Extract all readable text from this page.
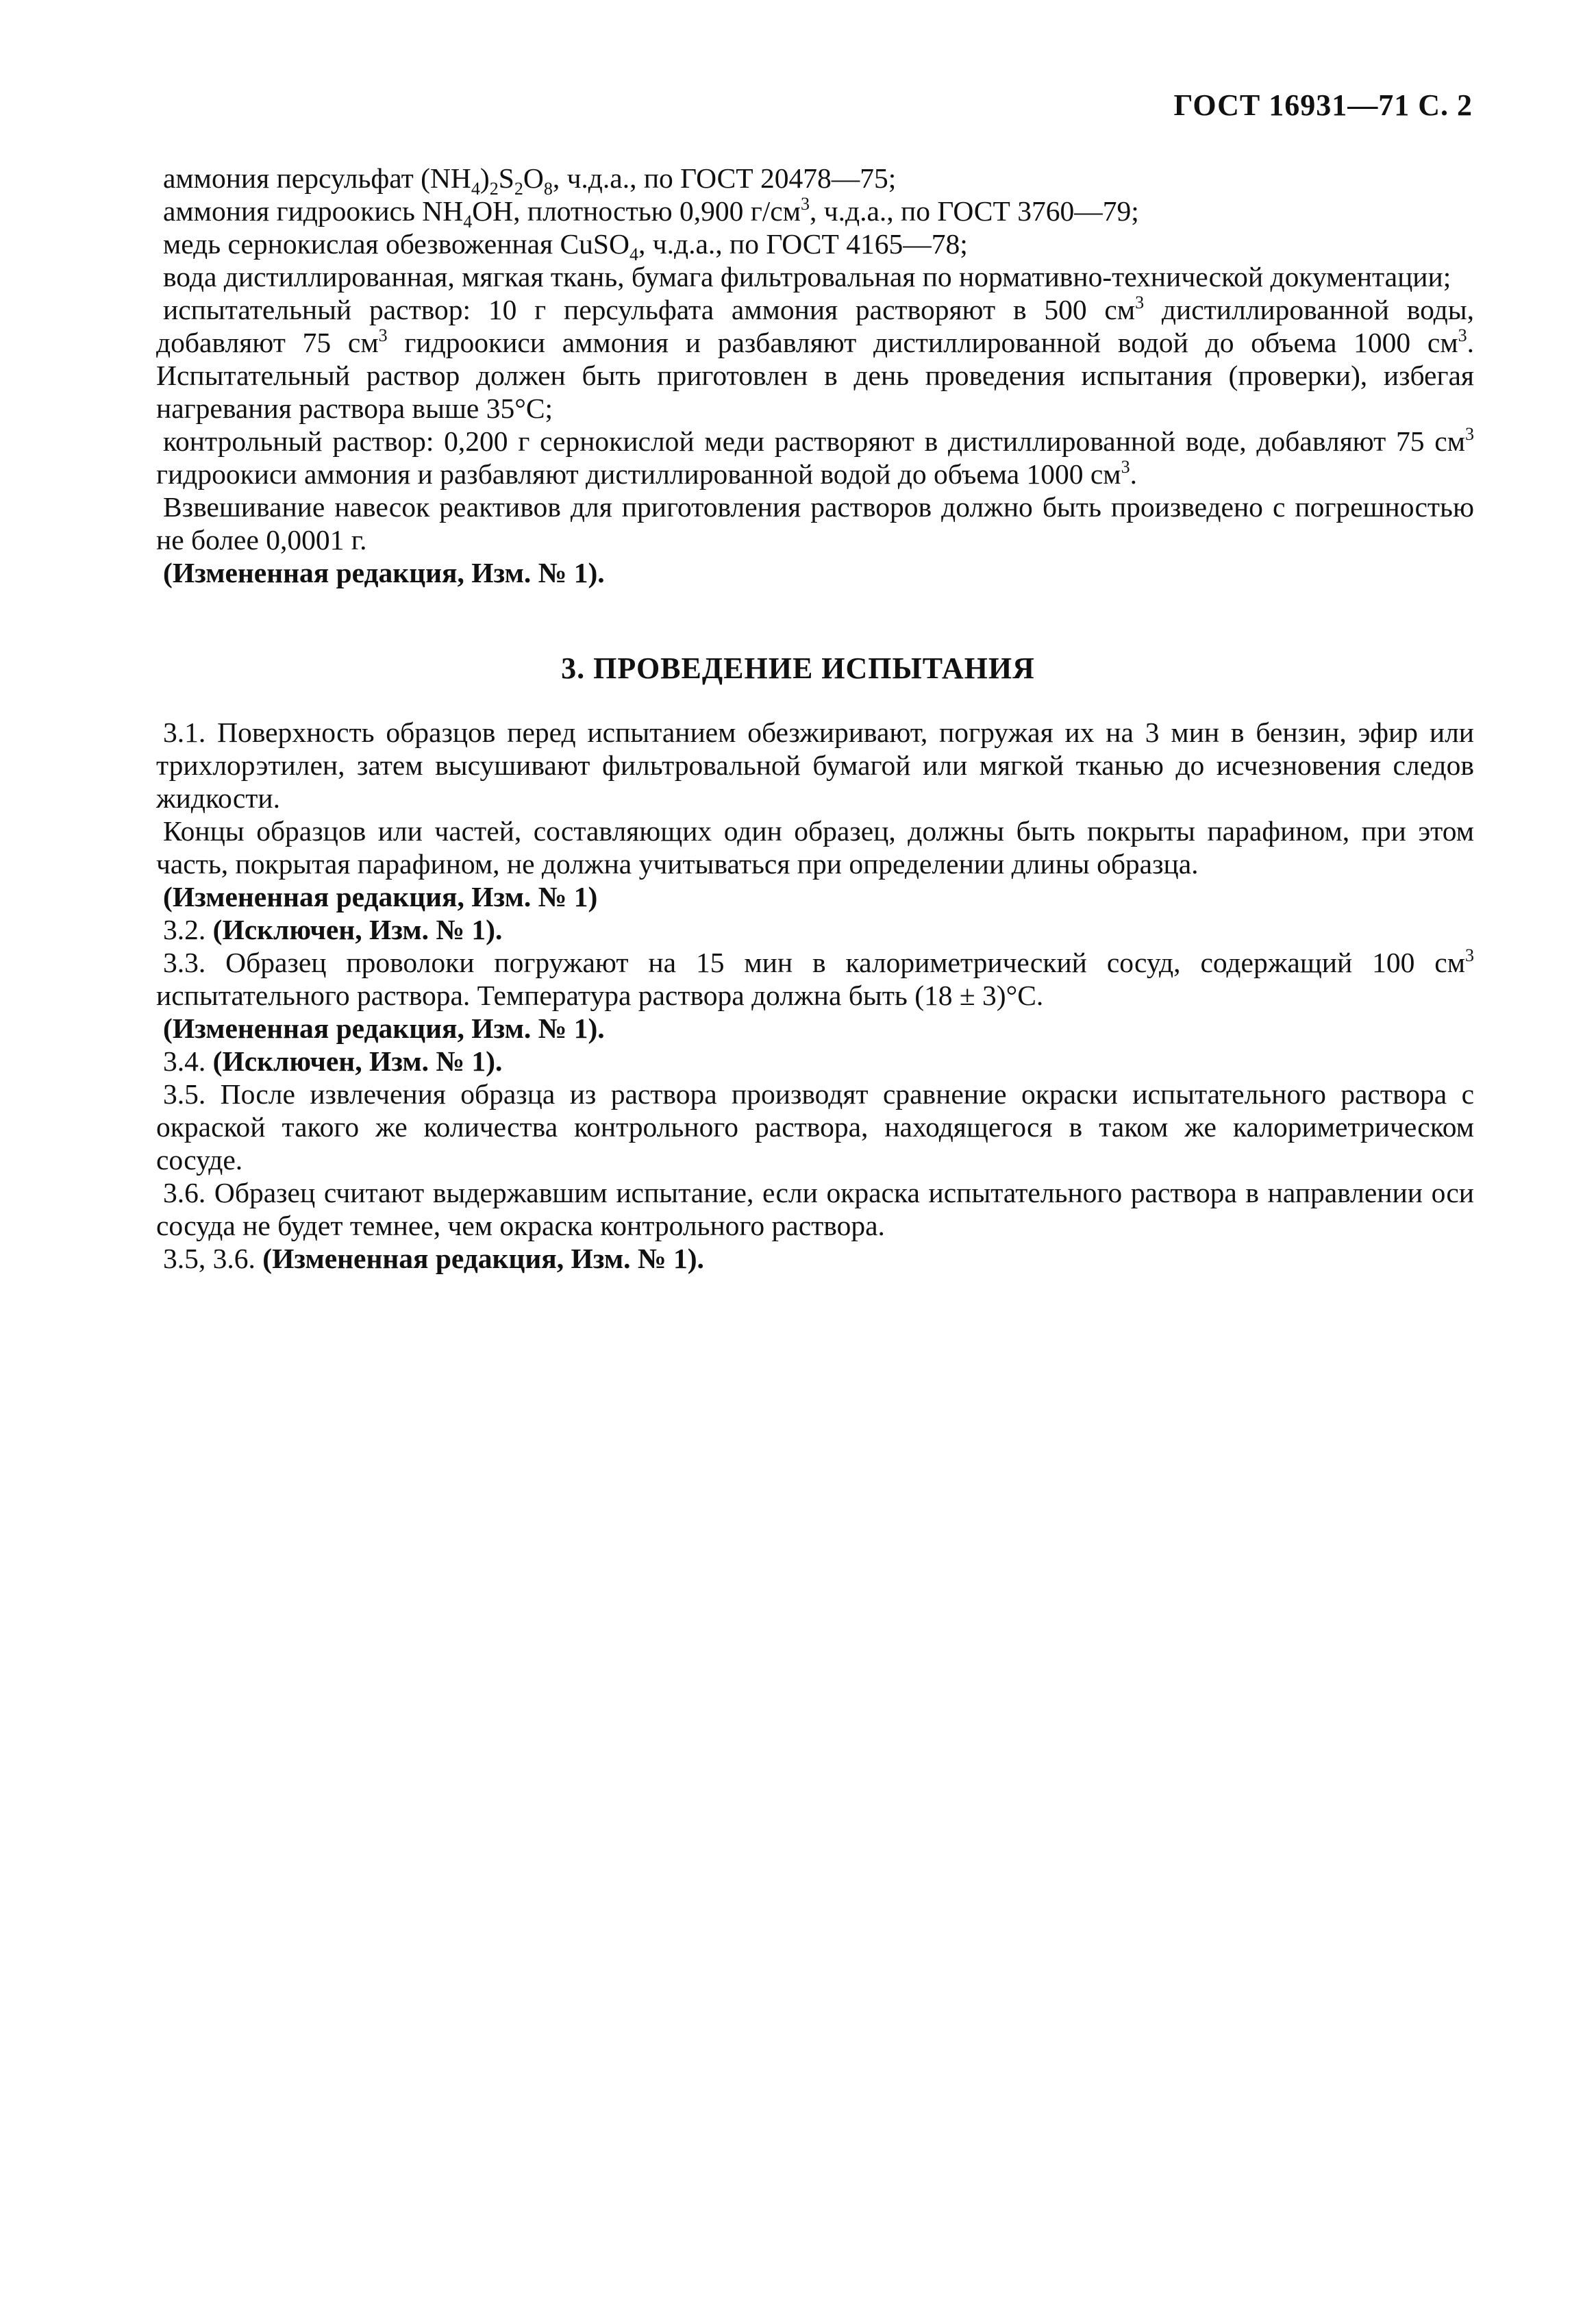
ГОСТ 16931—71 С. 2

аммония персульфат $(NH_4)_2S_2O_8$, ч.д.а., по ГОСТ 20478—75;

аммония гидроокись $NH_4OH$, плотностью 0,900 $г/см^3$, ч.д.а., по ГОСТ 3760—79;

медь сернокислая обезвоженная CuSO$_4$, ч.д.а., по ГОСТ 4165—78;

вода дистиллированная, мягкая ткань, бумага фильтровальная по нормативно-технической документации;

испытательный раствор: 10 г персульфата аммония растворяют в 500 $см^3$ дистиллированной воды, добавляют 75 $см^3$ гидроокиси аммония и разбавляют дистиллированной водой до объема 1000 $см^3$. Испытательный раствор должен быть приготовлен в день проведения испытания (проверки), избегая нагревания раствора выше 35°C;

контрольный раствор: 0,200 г сернокислой меди растворяют в дистиллированной воде, добавляют 75 $см^3$ гидроокиси аммония и разбавляют дистиллированной водой до объема 1000 $см^3$.

Взвешивание навесок реактивов для приготовления растворов должно быть произведено с погрешностью не более 0,0001 г.

(Измененная редакция, Изм. № 1).

3. ПРОВЕДЕНИЕ ИСПЫТАНИЯ

3.1. Поверхность образцов перед испытанием обезжиривают, погружая их на 3 мин в бензин, эфир или трихлорэтилен, затем высушивают фильтровальной бумагой или мягкой тканью до исчезновения следов жидкости.

Концы образцов или частей, составляющих один образец, должны быть покрыты парафином, при этом часть, покрытая парафином, не должна учитываться при определении длины образца.

(Измененная редакция, Изм. № 1)

3.2. (Исключен, Изм. № 1).

3.3. Образец проволоки погружают на 15 мин в калориметрический сосуд, содержащий 100 $см^3$ испытательного раствора. Температура раствора должна быть (18 ± 3)°C.

(Измененная редакция, Изм. № 1).

3.4. (Исключен, Изм. № 1).

3.5. После извлечения образца из раствора производят сравнение окраски испытательного раствора с окраской такого же количества контрольного раствора, находящегося в таком же калориметрическом сосуде.

3.6. Образец считают выдержавшим испытание, если окраска испытательного раствора в направлении оси сосуда не будет темнее, чем окраска контрольного раствора.

3.5, 3.6. (Измененная редакция, Изм. № 1).
